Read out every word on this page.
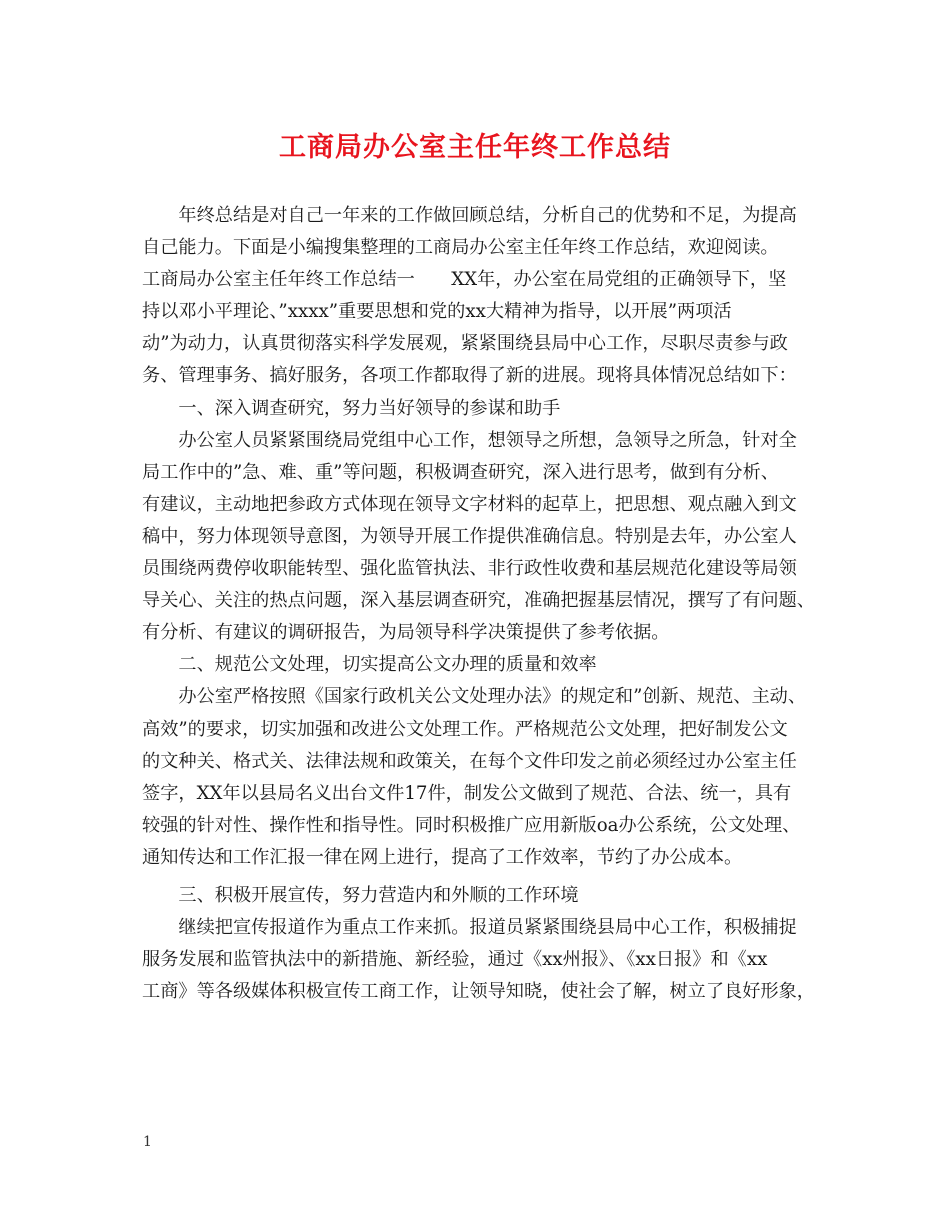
工商局办公室主任年终工作总结
　　年终总结是对自己一年来的工作做回顾总结，分析自己的优势和不足，为提高
自己能力。下面是小编搜集整理的工商局办公室主任年终工作总结，欢迎阅读。
工商局办公室主任年终工作总结一　　XX年，办公室在局党组的正确领导下，坚
持以邓小平理论、”xxxx”重要思想和党的xx大精神为指导，以开展”两项活
动”为动力，认真贯彻落实科学发展观，紧紧围绕县局中心工作，尽职尽责参与政
务、管理事务、搞好服务，各项工作都取得了新的进展。现将具体情况总结如下：
　　一、深入调查研究，努力当好领导的参谋和助手
　　办公室人员紧紧围绕局党组中心工作，想领导之所想，急领导之所急，针对全
局工作中的”急、难、重”等问题，积极调查研究，深入进行思考，做到有分析、
有建议，主动地把参政方式体现在领导文字材料的起草上，把思想、观点融入到文
稿中，努力体现领导意图，为领导开展工作提供准确信息。特别是去年，办公室人
员围绕两费停收职能转型、强化监管执法、非行政性收费和基层规范化建设等局领
导关心、关注的热点问题，深入基层调查研究，准确把握基层情况，撰写了有问题、
有分析、有建议的调研报告，为局领导科学决策提供了参考依据。
　　二、规范公文处理，切实提高公文办理的质量和效率
　　办公室严格按照《国家行政机关公文处理办法》的规定和”创新、规范、主动、
高效”的要求，切实加强和改进公文处理工作。严格规范公文处理，把好制发公文
的文种关、格式关、法律法规和政策关，在每个文件印发之前必须经过办公室主任
签字，XX年以县局名义出台文件17件，制发公文做到了规范、合法、统一，具有
较强的针对性、操作性和指导性。同时积极推广应用新版oa办公系统，公文处理、
通知传达和工作汇报一律在网上进行，提高了工作效率，节约了办公成本。
　　三、积极开展宣传，努力营造内和外顺的工作环境
　　继续把宣传报道作为重点工作来抓。报道员紧紧围绕县局中心工作，积极捕捉
服务发展和监管执法中的新措施、新经验，通过《xx州报》、《xx日报》和《xx
工商》等各级媒体积极宣传工商工作，让领导知晓，使社会了解，树立了良好形象，
1
